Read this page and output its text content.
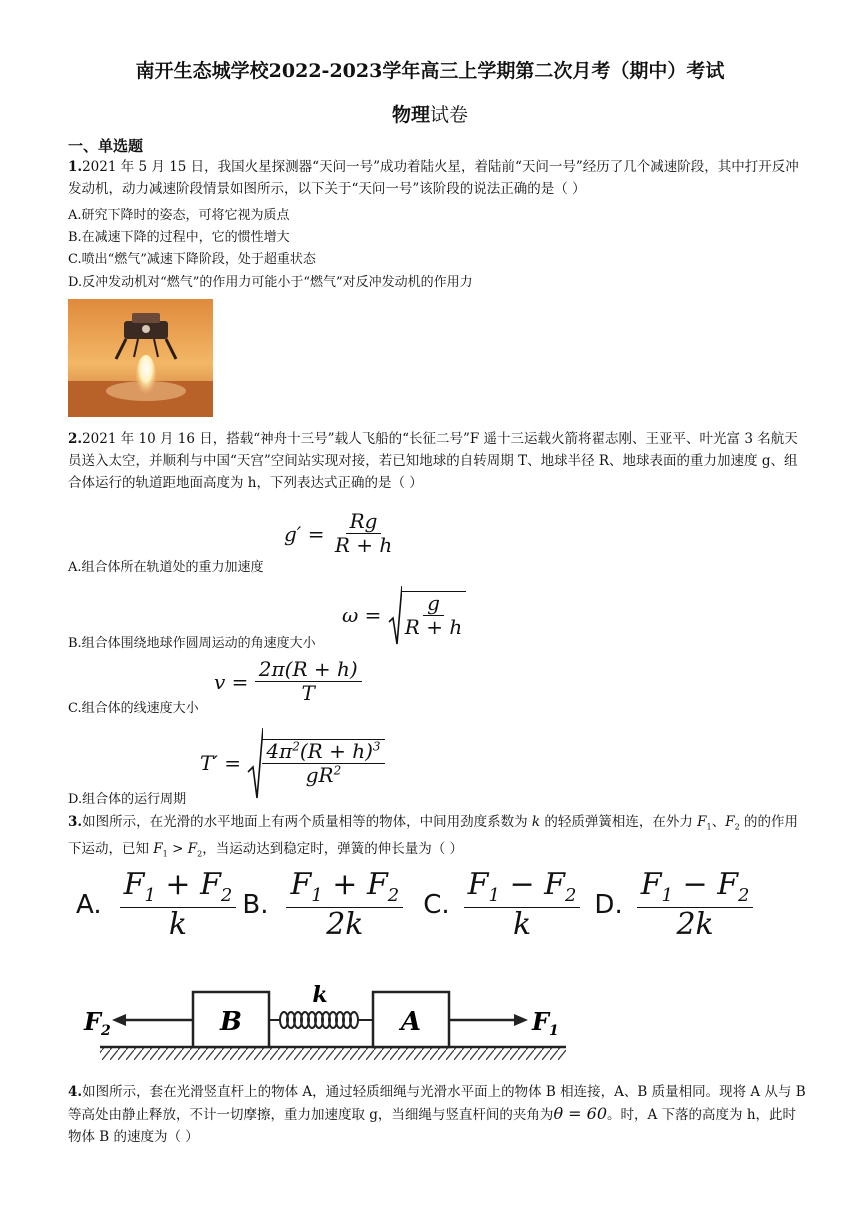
南开生态城学校2022-2023学年高三上学期第二次月考（期中）考试
物理试卷
一、单选题

1.2021 年 5 月 15 日，我国火星探测器“天问一号”成功着陆火星，着陆前“天问一号”经历了几个减速阶段，其中打开反冲发动机，动力减速阶段情景如图所示，以下关于“天问一号”该阶段的说法正确的是（ ）

A.研究下降时的姿态，可将它视为质点
B.在减速下降的过程中，它的惯性增大
C.喷出“燃气”减速下降阶段，处于超重状态
D.反冲发动机对“燃气”的作用力可能小于“燃气”对反冲发动机的作用力

2.2021 年 10 月 16 日，搭载“神舟十三号”载人飞船的“长征二号”F 遥十三运载火箭将翟志刚、王亚平、叶光富 3 名航天员送入太空，并顺利与中国“天宫”空间站实现对接，若已知地球的自转周期 T、地球半径 R、地球表面的重力加速度 g、组合体运行的轨道距地面高度为 h，下列表达式正确的是（ ）

$g' = \frac{Rg}{R + h}$
A.组合体所在轨道处的重力加速度
$\omega = \frac{g}{R + h}$
B.组合体围绕地球作圆周运动的角速度大小
$v = \frac{2\pi(R + h)}{T}$
C.组合体的线速度大小
$T' = \frac{4\pi^2(R + h)^3}{gR^2}$
D.组合体的运行周期

3.如图所示，在光滑的水平地面上有两个质量相等的物体，中间用劲度系数为 k 的轻质弹簧相连，在外力 $F_1$、$F_2$ 的的作用下运动，已知 $F_1 > F_2$，当运动达到稳定时，弹簧的伸长量为（ ）

A. $\frac{F_1 + F_2}{k} B$. $\frac{F_1 + F_2}{2k} C$. $\frac{F_1 - F_2}{k} D$. $\frac{F_1 - F_2}{2k}$
B	A
k
$F_2$	$F_1$

4.如图所示，套在光滑竖直杆上的物体 A，通过轻质细绳与光滑水平面上的物体 B 相连接，A、B 质量相同。现将 A 从与 B 等高处由静止释放，不计一切摩擦，重力加速度取 g，当细绳与竖直杆间的夹角为θ = 60。时，A 下落的高度为 h，此时物体 B 的速度为（ ）
